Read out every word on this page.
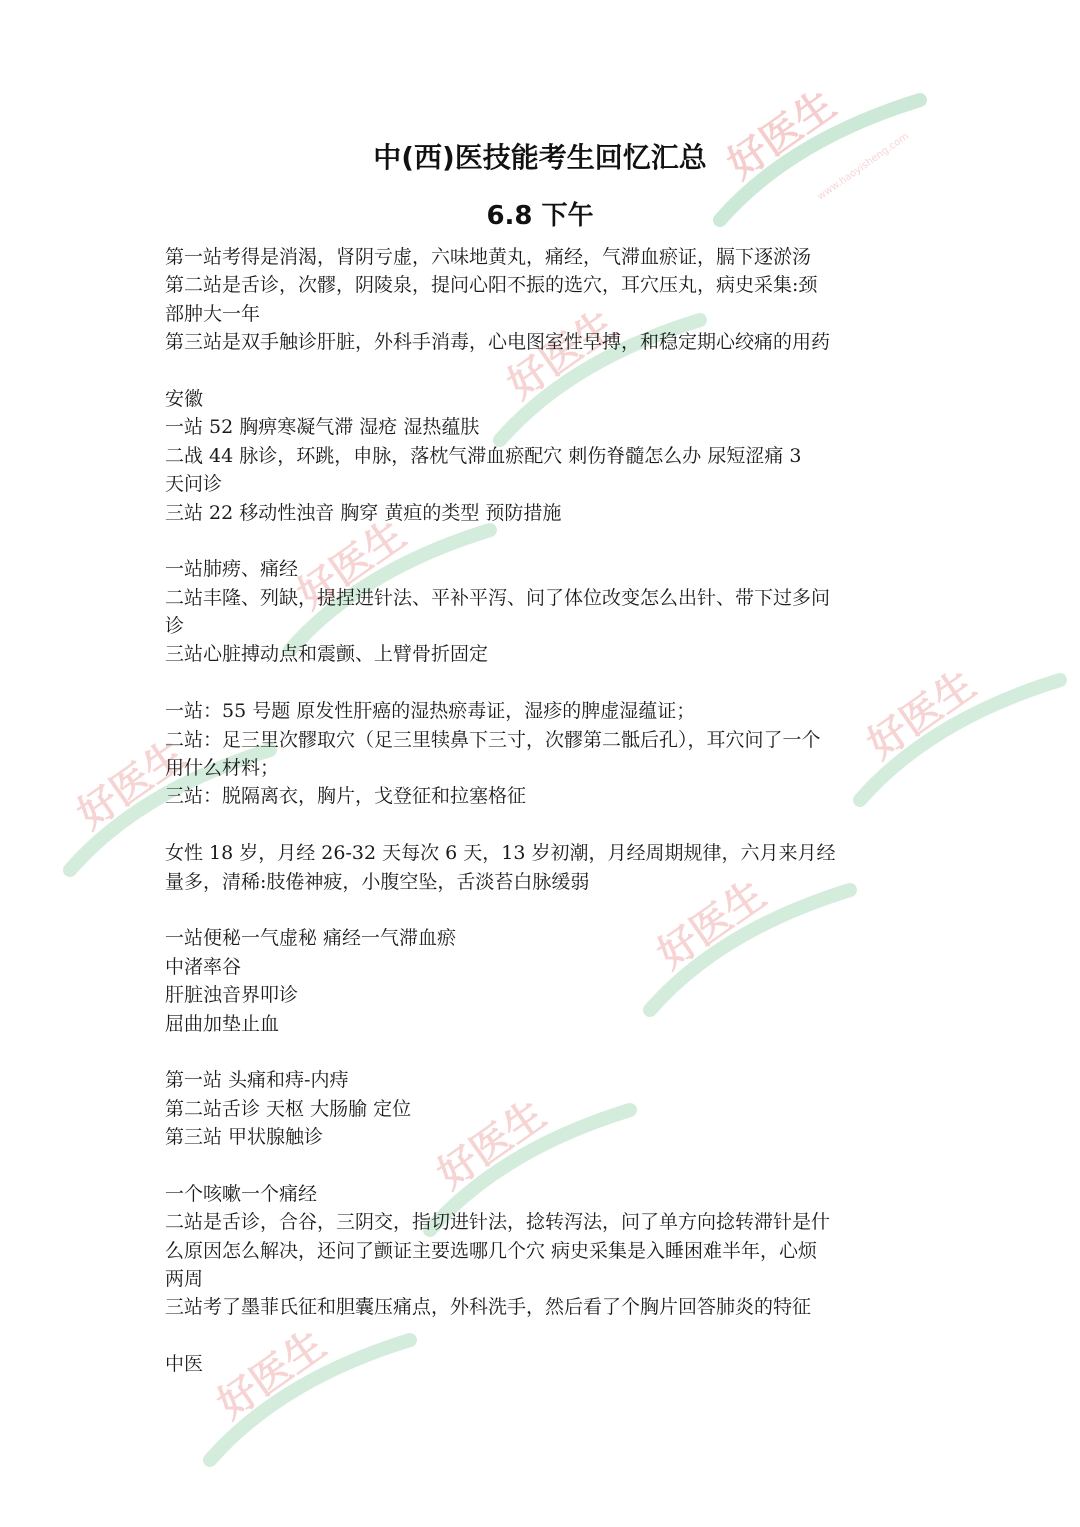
好医生
www.haoyisheng.com
好医生
好医生
好医生
好医生
好医生
好医生
好医生
中(西)医技能考生回忆汇总
6.8 下午
第一站考得是消渴，肾阴亏虚，六味地黄丸，痛经，气滞血瘀证，膈下逐淤汤
第二站是舌诊，次髎，阴陵泉，提问心阳不振的选穴，耳穴压丸，病史采集:颈
部肿大一年
第三站是双手触诊肝脏，外科手消毒，心电图室性早搏，和稳定期心绞痛的用药
安徽
一站 52 胸痹寒凝气滞 湿疮 湿热蕴肤
二战 44 脉诊，环跳，申脉，落枕气滞血瘀配穴 刺伤脊髓怎么办 尿短涩痛 3
天问诊
三站 22 移动性浊音 胸穿 黄疸的类型 预防措施
一站肺痨、痛经
二站丰隆、列缺，提捏进针法、平补平泻、问了体位改变怎么出针、带下过多问
诊
三站心脏搏动点和震颤、上臂骨折固定
一站：55 号题 原发性肝癌的湿热瘀毒证，湿疹的脾虚湿蕴证；
二站：足三里次髎取穴（足三里犊鼻下三寸，次髎第二骶后孔），耳穴问了一个
用什么材料；
三站：脱隔离衣，胸片，戈登征和拉塞格征
女性 18 岁，月经 26-32 天每次 6 天，13 岁初潮，月经周期规律，六月来月经
量多，清稀:肢倦神疲，小腹空坠，舌淡苔白脉缓弱
一站便秘一气虚秘 痛经一气滞血瘀
中渚率谷
肝脏浊音界叩诊
屈曲加垫止血
第一站 头痛和痔-内痔
第二站舌诊 天枢 大肠腧 定位
第三站 甲状腺触诊
一个咳嗽一个痛经
二站是舌诊，合谷，三阴交，指切进针法，捻转泻法，问了单方向捻转滞针是什
么原因怎么解决，还问了颤证主要选哪几个穴 病史采集是入睡困难半年，心烦
两周
三站考了墨菲氏征和胆囊压痛点，外科洗手，然后看了个胸片回答肺炎的特征
中医
